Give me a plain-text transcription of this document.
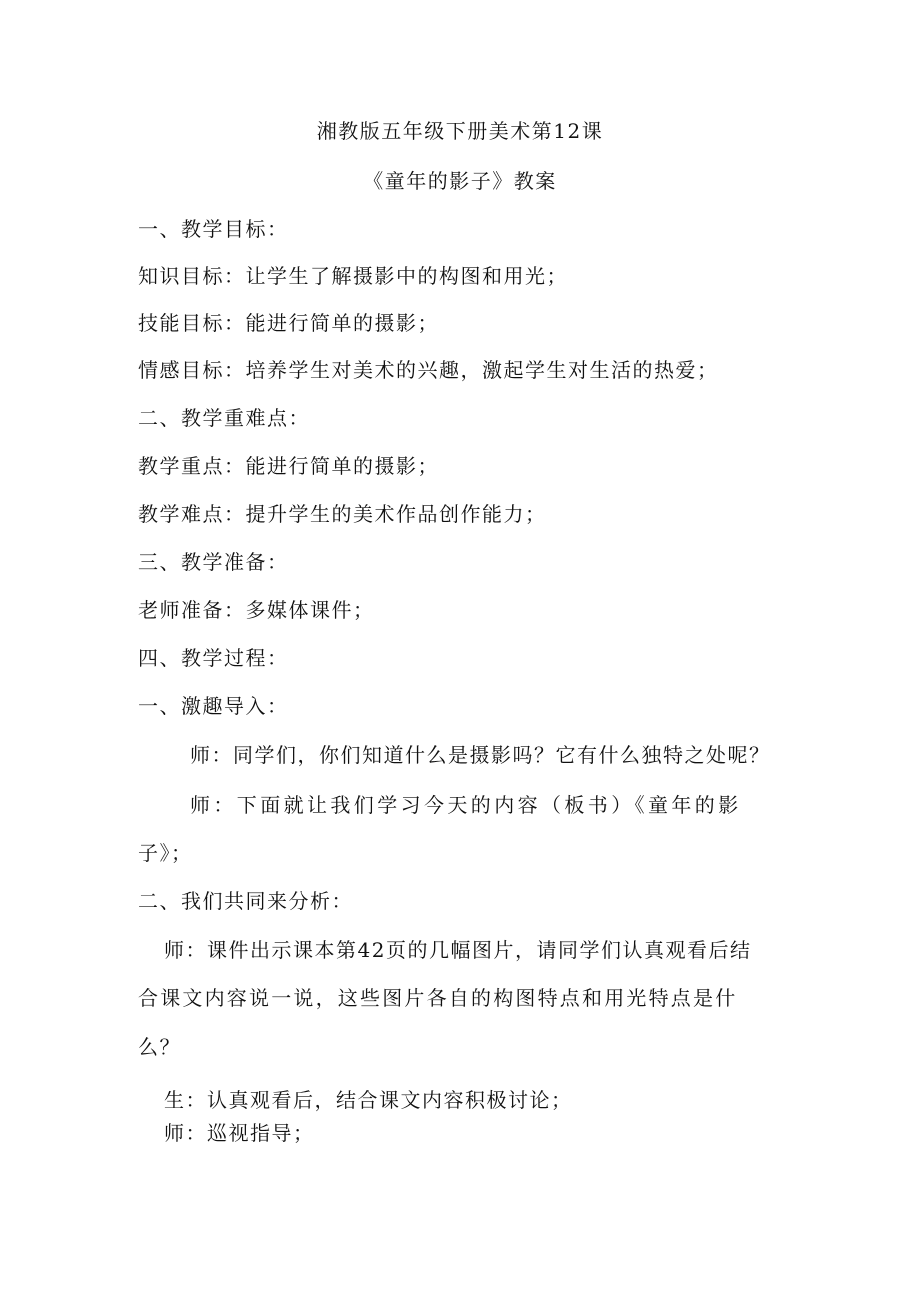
湘教版五年级下册美术第12课
《童年的影子》教案
一、教学目标：
知识目标：让学生了解摄影中的构图和用光；
技能目标：能进行简单的摄影；
情感目标：培养学生对美术的兴趣，激起学生对生活的热爱；
二、教学重难点：
教学重点：能进行简单的摄影；
教学难点：提升学生的美术作品创作能力；
三、教学准备：
老师准备：多媒体课件；
四、教学过程：
一、激趣导入：
师：同学们，你们知道什么是摄影吗？它有什么独特之处呢？
师：下面就让我们学习今天的内容（板书）《童年的影
子》；
二、我们共同来分析：
师：课件出示课本第42页的几幅图片，请同学们认真观看后结
合课文内容说一说，这些图片各自的构图特点和用光特点是什
么？
生：认真观看后，结合课文内容积极讨论；
师：巡视指导；
